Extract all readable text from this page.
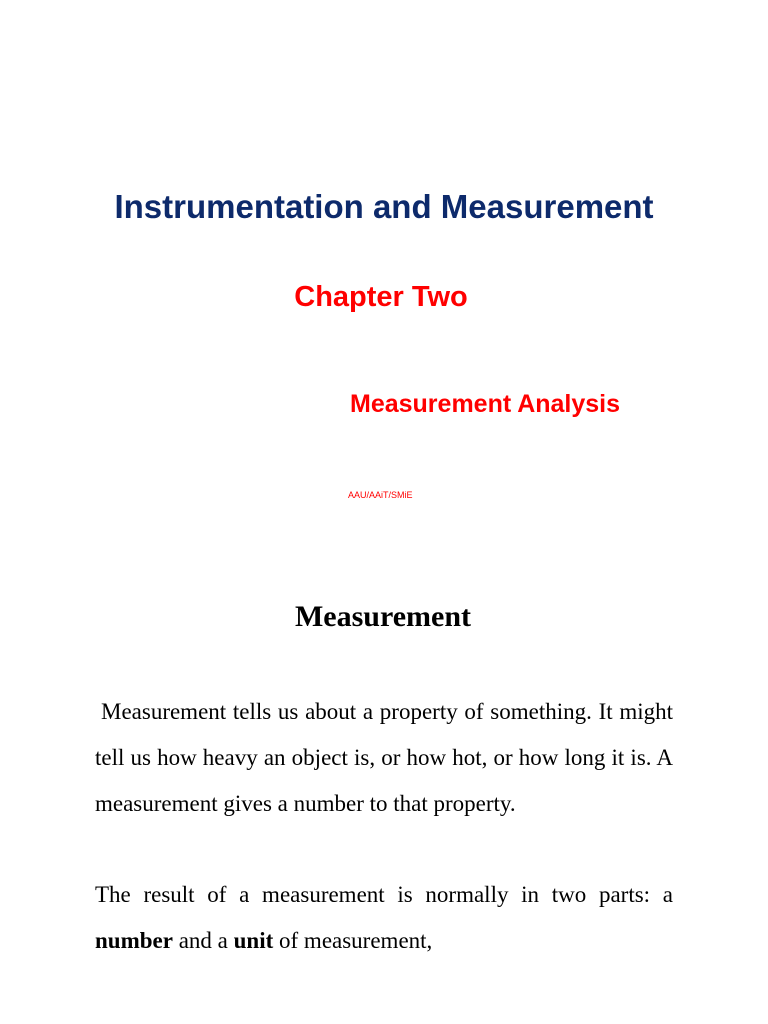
Instrumentation and Measurement
Chapter Two
Measurement Analysis
AAU/AAiT/SMiE
Measurement
Measurement tells us about a property of something. It might tell us how heavy an object is, or how hot, or how long it is. A measurement gives a number to that property.
The result of a measurement is normally in two parts: a number and a unit of measurement,
